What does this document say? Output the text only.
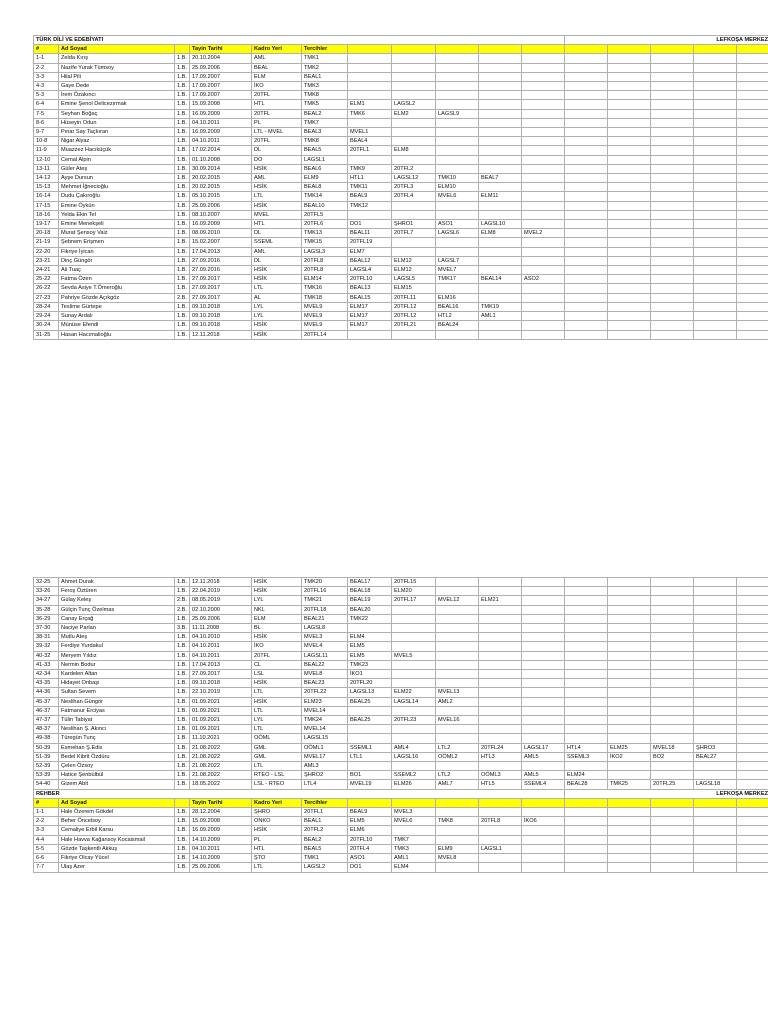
TÜRK DİLİ VE EDEBİYATI											LEFKOŞA MERKEZ				
#	Ad Soyad		Tayin Tarihi	Kadro Yeri	Tercihler										
1-1	Zelda Kırış	1.B.	20.10.2004	AML	TMK1										
2-2	Nazife Yurak Tümsoy	1.B.	25.09.2006	BEAL	TMK2										
3-3	Hilal Pili	1.B.	17.09.2007	ELM	BEAL1										
4-3	Gaye Dede	1.B.	17.09.2007	İKO	TMK3										
5-3	İrem Özakıncı	1.B.	17.09.2007	20TFL	TMK8										
6-4	Emine Şenol Delicezırmak	1.B.	15.09.2008	HTL	TMK5	ELM1	LAGSL2								
7-5	Seyhan Boğaç	1.B.	16.09.2009	20TFL	BEAL2	TMK6	ELM2	LAGSL9							
8-6	Hüseyin Odun	1.B.	04.10.2011	PL	TMK7										
9-7	Pınar Say Taçkıran	1.B.	16.09.2009	LTL - MVEL	BEAL3	MVEL1									
10-8	Nigar Alyaz	1.B.	04.10.2011	20TFL	TMK8	BEAL4									
11-9	Muazzez Hacıküçük	1.B.	17.02.2014	DL	BEAL5	20TFL1	ELM8								
12-10	Cemal Alpin	1.B.	01.10.2008	DO	LAGSL1										
13-11	Güler Ateş	1.B.	30.09.2014	HSİK	BEAL6	TMK9	20TFL2								
14-12	Ayşe Dursun	1.B.	20.02.2015	AML	ELM9	HTL1	LAGSL12	TMK10	BEAL7						
15-13	Mehmet İğnecioğlu	1.B.	20.02.2015	HSİK	BEAL8	TMK11	20TFL3	ELM10							
16-14	Dudu Çakıroğlu	1.B.	05.10.2015	LTL	TMK14	BEAL9	20TFL4	MVEL6	ELM11						
17-15	Emine Öykün	1.B.	25.09.2006	HSİK	BEAL10	TMK12									
18-16	Yelda Ekin Tel	1.B.	08.10.2007	MVEL	20TFL5										
19-17	Emine Menekşeli	1.B.	16.09.2009	HTL	20TFL6	DO1	ŞHRO1	ASO1	LAGSL10						
20-18	Murat Şensoy Vaiz	1.B.	08.09.2010	DL	TMK13	BEAL11	20TFL7	LAGSL6	ELM8	MVEL2					
21-19	Şebnem Erişmen	1.B.	15.02.2007	SSEML	TMK15	20TFL19									
22-20	Fikriye İyican	1.B.	17.04.2013	AML	LAGSL3	ELM7									
23-21	Dinç Güngör	1.B.	27.09.2016	DL	20TFL8	BEAL12	ELM12	LAGSL7							
24-21	Ali Tuaç	1.B.	27.09.2016	HSİK	20TFL8	LAGSL4	ELM12	MVEL7							
25-22	Fatma Özen	1.B.	27.09.2017	HSİK	ELM14	20TFL10	LAGSL5	TMK17	BEAL14	ASO2					
26-22	Sevda Asiye T.Ömeroğlu	1.B.	27.09.2017	LTL	TMK16	BEAL13	ELM15								
27-23	Pahriye Gözde Açıkgöz	2.B.	27.09.2017	AL	TMK18	BEAL15	20TFL11	ELM16							
28-24	Teslime Gürtepe	1.B.	09.10.2018	LYL	MVEL9	ELM17	20TFL12	BEAL16	TMK19						
29-24	Sunay Ardalı	1.B.	09.10.2018	LYL	MVEL9	ELM17	20TFL12	HTL2	AML1						
30-24	Münüse Efendi	1.B.	09.10.2018	HSİK	MVEL9	ELM17	20TFL21	BEAL24							
31-25	Hasan Hacımalioğlu	1.B.	12.11.2018	HSİK	20TFL14										
32-25	Ahmet Durak	1.B.	12.11.2018	HSİK	TMK20	BEAL17	20TFL15								
33-26	Feroş Öztüren	1.B.	22.04.2019	HSİK	20TFL16	BEAL18	ELM20								
34-27	Gülay Keleş	2.B.	08.05.2019	LYL	TMK21	BEAL19	20TFL17	MVEL12	ELM21						
35-28	Gülçin Tunç Özelmas	2.B.	02.10.2000	NKL	20TFL18	BEAL20									
36-29	Canay Erçağ	1.B.	25.09.2006	ELM	BEAL21	TMK22									
37-30	Naciye Parlan	3.B.	11.11.2008	BL	LAGSL8										
38-31	Mutlu Ateş	1.B.	04.10.2010	HSİK	MVEL3	ELM4									
39-32	Ferdiye Yurdakul	1.B.	04.10.2011	İKO	MVEL4	ELM5									
40-32	Meryem Yıldız	1.B.	04.10.2011	20TFL	LAGSL11	ELM5	MVEL5								
41-33	Nermin Bodur	1.B.	17.04.2013	CL	BEAL22	TMK23									
42-34	Kardelen Altan	1.B.	27.09.2017	LSL	MVEL8	İKO1									
43-35	Hidayet Onbaşı	1.B.	09.10.2018	HSİK	BEAL23	20TFL20									
44-36	Sultan Sevem	1.B.	22.10.2019	LTL	20TFL22	LAGSL13	ELM22	MVEL13							
45-37	Neslihan Güngör	1.B.	01.09.2021	HSİK	ELM23	BEAL25	LAGSL14	AML2							
46-37	Fatmanur Erciyas	1.B.	01.09.2021	LTL	MVEL14										
47-37	Tülin Tabiyat	1.B.	01.09.2021	LYL	TMK24	BEAL25	20TFL23	MVEL16							
48-37	Neslihan Ş. Akıncı	1.B.	01.09.2021	LTL	MVEL14										
49-38	Türegün Tunç	1.B.	11.10.2021	OÖML	LAGSL15										
50-39	Esmehan Ş.Edis	1.B.	21.08.2022	GML	OÖML1	SSEML1	AML4	LTL2	20TFL24	LAGSL17	HTL4	ELM25	MVEL18	ŞHRO3	
51-39	Bedel Kibrit Özdüru	1.B.	21.08.2022	GML	MVEL17	LTL1	LAGSL16	OÖML2	HTL3	AML5	SSEML3	İKO2	BO2	BEAL27	
52-39	Çelen Özsoy	1.B.	21.08.2022	LTL	AML3										
53-39	Hatice Şenbülbül	1.B.	21.08.2022	RTEO - LSL	ŞHRO2	BO1	SSEML2	LTL2	OÖML3	AML5	ELM24				
54-40	Gizem Abit	1.B.	18.05.2022	LSL - RTEO	LTL4	MVEL19	ELM26	AML7	HTL5	SSEML4	BEAL28	TMK25	20TFL25	LAGSL18	
REHBER											LEFKOŞA MERKEZ				
#	Ad Soyad		Tayin Tarihi	Kadro Yeri	Tercihler										
1-1	Hale Özerem Gökdel	1.B.	28.12.2004	ŞHRO	20TFL1	BEAL9	MVEL3								
2-2	Beher Öncelsoy	1.B.	15.09.2008	ONKO	BEAL1	ELM5	MVEL6	TMK8	20TFL8	İKO6					
3-3	Cemaliye Erbil Karsu	1.B.	16.09.2009	HSİK	20TFL2	ELM6									
4-4	Hale Havva Kağansoy Kocaismail	1.B.	14.10.2009	PL	BEAL2	20TFL10	TMK7								
5-5	Gözde Taşkentli Akkuş	1.B.	04.10.2011	HTL	BEAL5	20TFL4	TMK3	ELM9	LAGSL1						
6-6	Fikriye Olcay Yücel	1.B.	14.10.2009	ŞTO	TMK1	ASO1	AML1	MVEL8							
7-7	Ulaş Azer	1.B.	25.09.2006	LTL	LAGSL2	DO1	ELM4								
